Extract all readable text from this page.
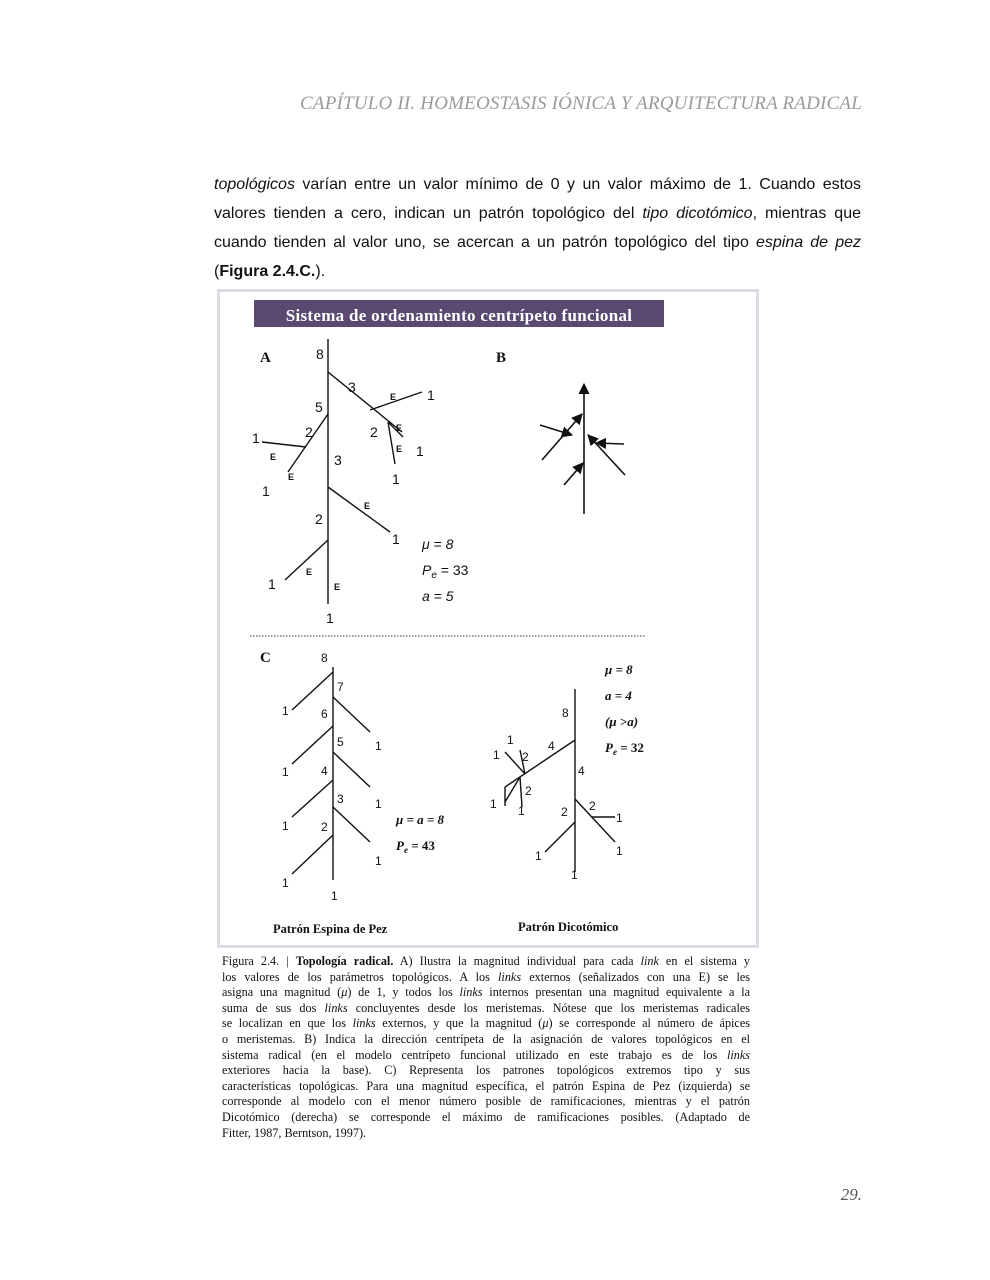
CAPÍTULO II. HOMEOSTASIS IÓNICA Y ARQUITECTURA RADICAL
topológicos varían entre un valor mínimo de 0 y un valor máximo de 1. Cuando estos
valores tienden a cero, indican un patrón topológico del tipo dicotómico, mientras que
cuando tienden al valor uno, se acercan a un patrón topológico del tipo espina de pez
(Figura 2.4.C.).
Sistema de ordenamiento centrípeto funcional
A	8
3
5
2	2
3
2
1
1
1
1
1
1
1
1
E
E
E
E
E
E
E
E
μ = 8
$P_e = 33$
a = 5
B
C	8
7
6
5
4
3
2
1
1
1
1
1
1
1
1
μ = a = 8
$P_e = 43$
Patrón Espina de Pez
8
4
4
2
2
2 2
1
1
1 1	1
1	1
1
μ = 8
a = 4
(μ >a)
$P_e = 32$
Patrón Dicotómico
Figura 2.4. | Topología radical. A) Ilustra la magnitud individual para cada link en el sistema y
los valores de los parámetros topológicos. A los links externos (señalizados con una E) se les
asigna una magnitud (μ) de 1, y todos los links internos presentan una magnitud equivalente a la
suma de sus dos links concluyentes desde los meristemas. Nótese que los meristemas radicales
se localizan en que los links externos, y que la magnitud (μ) se corresponde al número de ápices
o meristemas. B) Indica la dirección centrípeta de la asignación de valores topológicos en el
sistema radical (en el modelo centrípeto funcional utilizado en este trabajo es de los links
exteriores hacia la base). C) Representa los patrones topológicos extremos tipo y sus
características topológicas. Para una magnitud específica, el patrón Espina de Pez (izquierda) se
corresponde al modelo con el menor número posible de ramificaciones, mientras y el patrón
Dicotómico (derecha) se corresponde el máximo de ramificaciones posibles. (Adaptado de
Fitter, 1987, Berntson, 1997).
29.
